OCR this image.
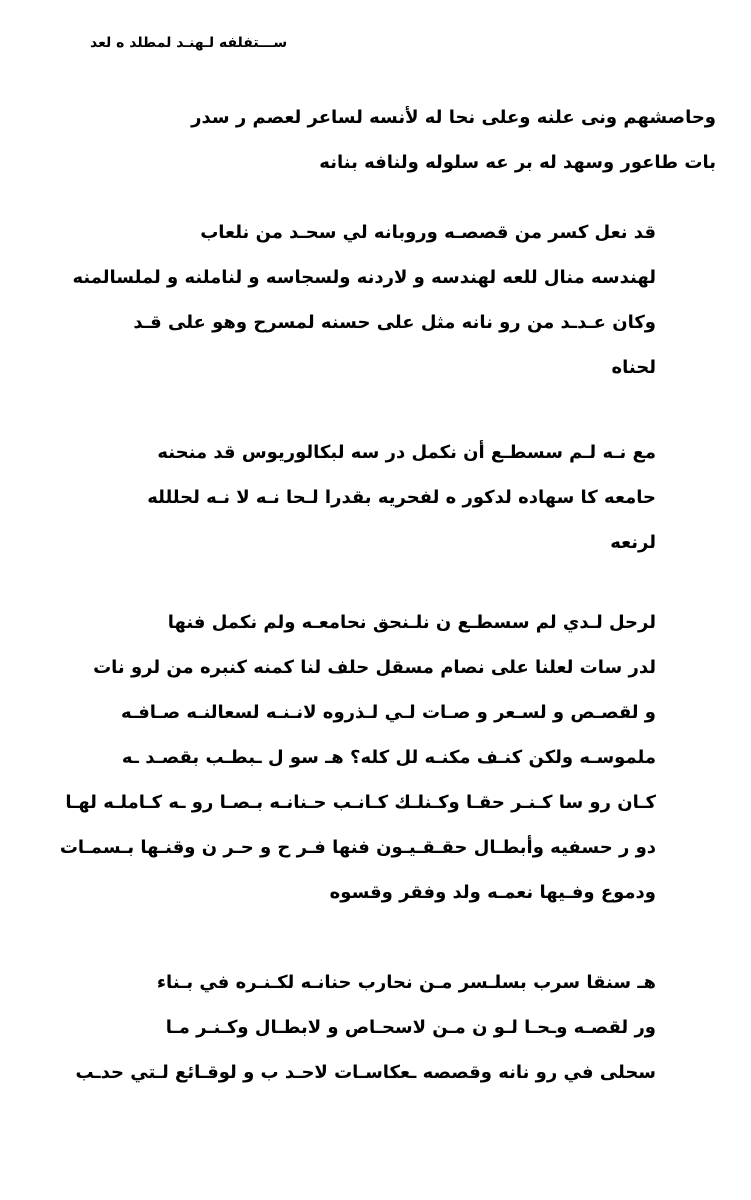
ســـتفلفه لـهنـد لمطلد ه لعد

وحاصشهم ونى علنه وعلى نحا له لأنسه لساعر لعصم ر سدر
بات طاعور وسهد له بر عه سلوله ولنافه بنانه

قد نعل كسر من قصصـه وروبانه لي سحـد من نلعاب
لهندسه منال للعه لهندسه و لاردنه ولسجاسه و لناملنه و لملسالمنه
وكان عـدـد من رو نانه مثل على حسنه لمسرح وهو على قـد
لحناه

مع نـه لـم سسطـع أن نكمل در سه لبكالوريوس قد منحنه
حامعه كا سهاده لدكور ه لفحريه بقدرا لـحا نـه لا نـه لحللله
لرنعه

لرحل لـدي لم سسطـع ن نلـنحق نحامعـه ولم نكمل فنها
لدر سات لعلنا على نصام مسقل حلف لنا كمنه كنبره من لرو نات
و لقصـص و لسـعر و صـات لـي لـذروه لانـنـه لسعالنـه صـافـه
ملموسـه ولكن كنـف مكنـه لل كله؟ هـ سو ل ـبطـب بقصـد ـه
كـان رو سا كـنـر حقـا وكـنلـك كـانـب حـنانـه بـصـا رو ـه كـاملـه لهـا
دو ر حسفيه وأبطـال حقـقـيـون فنها فـر ح و حـر ن وقنـها بـسمـات
ودموع وفـيها نعمـه ولد وفقر وقسوه

هـ سنقا سرب بسلـسر مـن نحارب حنانـه لكـنـره في بـناء
ور لقصـه وـحـا لـو ن مـن لاسحـاص و لابطـال وكـنـر مـا
سحلى في رو نانه وقصصه ـعكاسـات لاحـد ب و لوقـائع لـتي حدـب
